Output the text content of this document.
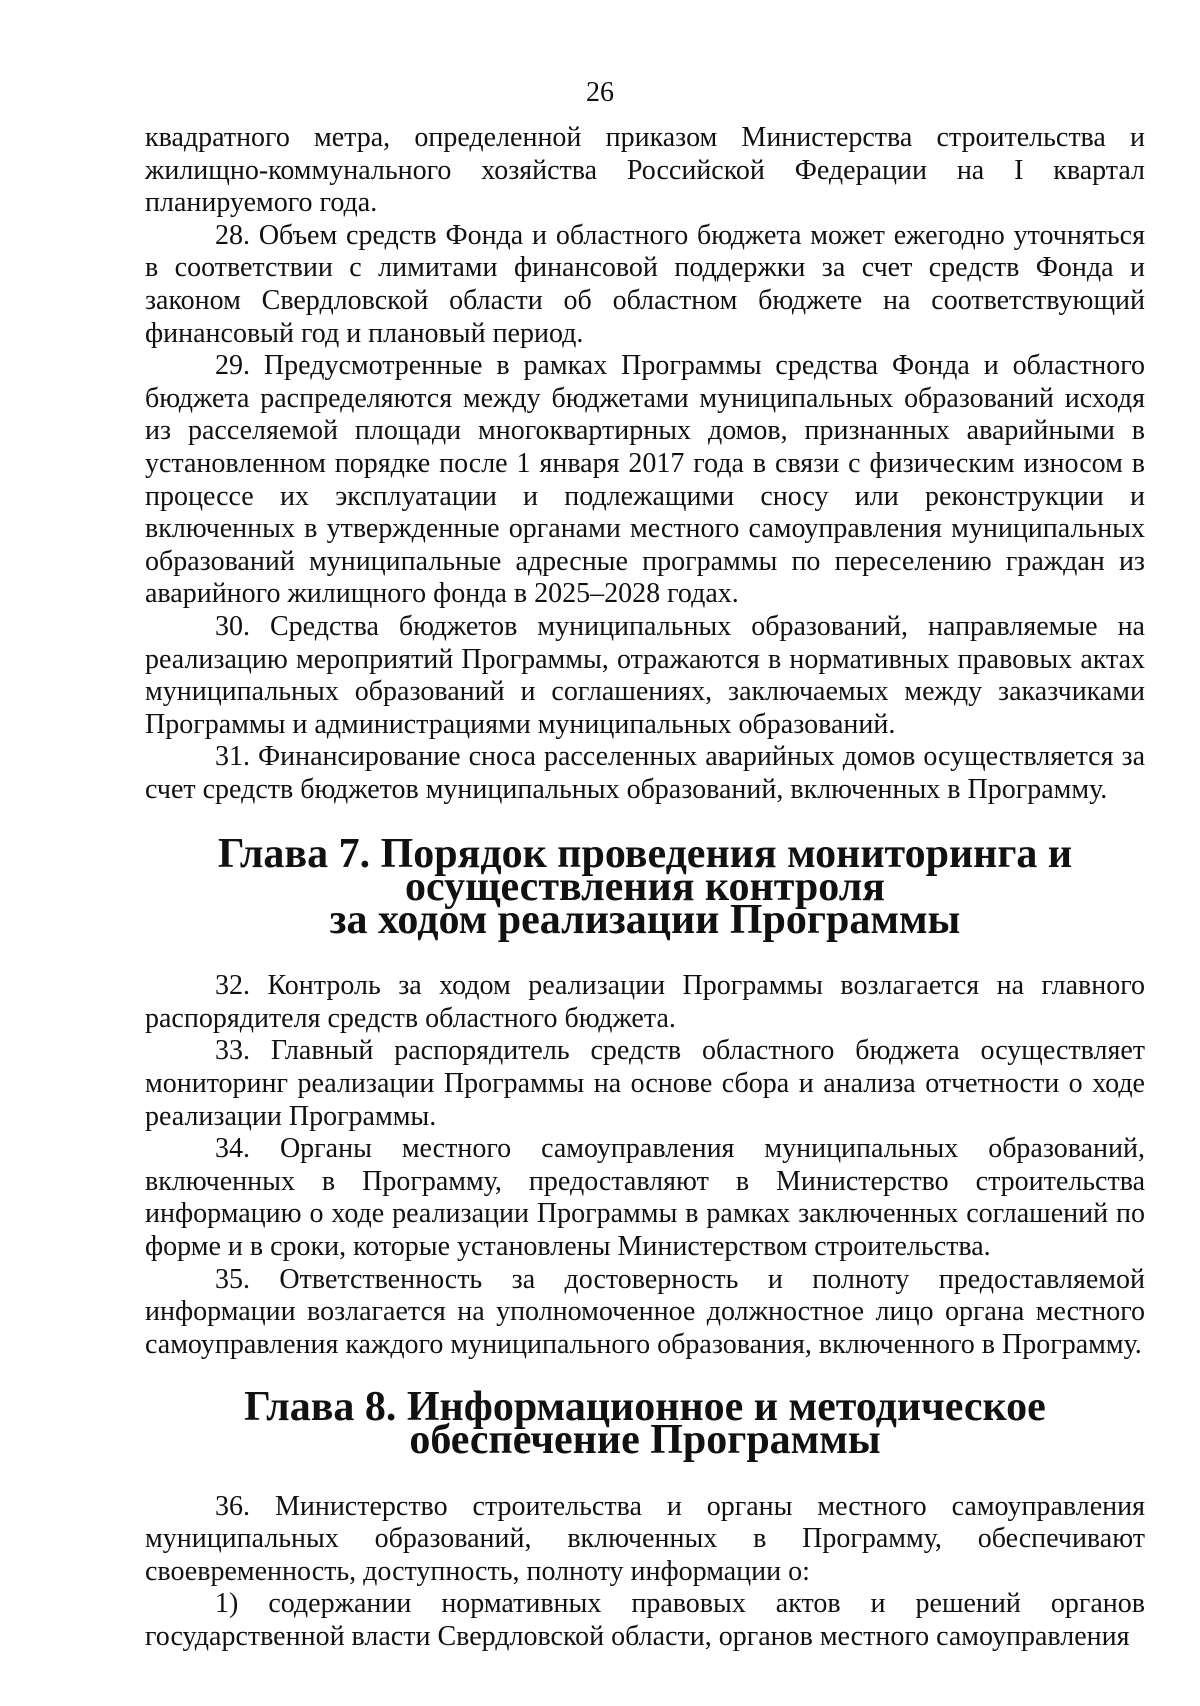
26

квадратного метра, определенной приказом Министерства строительства и жилищно-коммунального хозяйства Российской Федерации на I квартал планируемого года.

28. Объем средств Фонда и областного бюджета может ежегодно уточняться в соответствии с лимитами финансовой поддержки за счет средств Фонда и законом Свердловской области об областном бюджете на соответствующий финансовый год и плановый период.

29. Предусмотренные в рамках Программы средства Фонда и областного бюджета распределяются между бюджетами муниципальных образований исходя из расселяемой площади многоквартирных домов, признанных аварийными в установленном порядке после 1 января 2017 года в связи с физическим износом в процессе их эксплуатации и подлежащими сносу или реконструкции и включенных в утвержденные органами местного самоуправления муниципальных образований муниципальные адресные программы по переселению граждан из аварийного жилищного фонда в 2025–2028 годах.

30. Средства бюджетов муниципальных образований, направляемые на реализацию мероприятий Программы, отражаются в нормативных правовых актах муниципальных образований и соглашениях, заключаемых между заказчиками Программы и администрациями муниципальных образований.

31. Финансирование сноса расселенных аварийных домов осуществляется за счет средств бюджетов муниципальных образований, включенных в Программу.

Глава 7. Порядок проведения мониторинга и осуществления контроля
за ходом реализации Программы

32. Контроль за ходом реализации Программы возлагается на главного распорядителя средств областного бюджета.

33. Главный распорядитель средств областного бюджета осуществляет мониторинг реализации Программы на основе сбора и анализа отчетности о ходе реализации Программы.

34. Органы местного самоуправления муниципальных образований, включенных в Программу, предоставляют в Министерство строительства информацию о ходе реализации Программы в рамках заключенных соглашений по форме и в сроки, которые установлены Министерством строительства.

35. Ответственность за достоверность и полноту предоставляемой информации возлагается на уполномоченное должностное лицо органа местного самоуправления каждого муниципального образования, включенного в Программу.

Глава 8. Информационное и методическое обеспечение Программы

36. Министерство строительства и органы местного самоуправления муниципальных образований, включенных в Программу, обеспечивают своевременность, доступность, полноту информации о:

1) содержании нормативных правовых актов и решений органов государственной власти Свердловской области, органов местного самоуправления
